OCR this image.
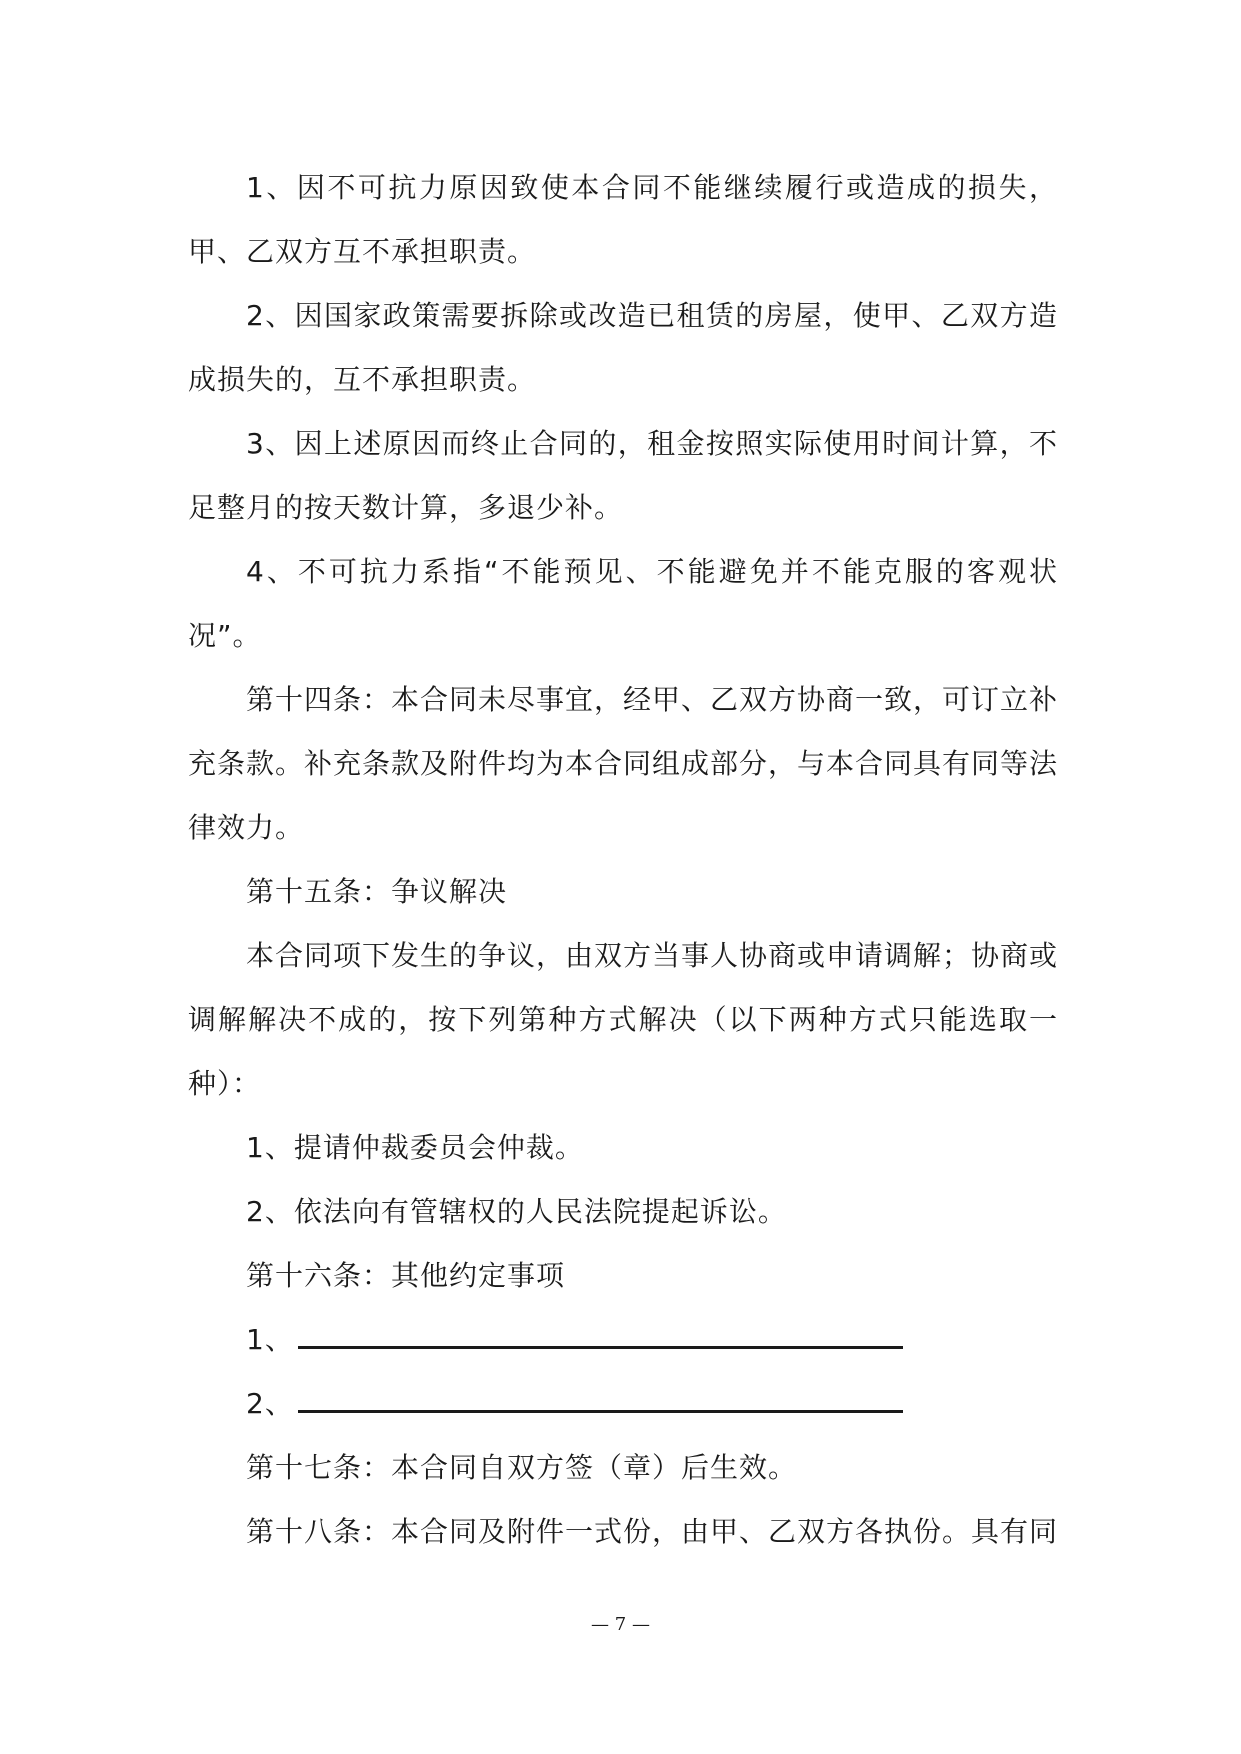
1、因不可抗力原因致使本合同不能继续履行或造成的损失，甲、乙双方互不承担职责。

2、因国家政策需要拆除或改造已租赁的房屋，使甲、乙双方造成损失的，互不承担职责。

3、因上述原因而终止合同的，租金按照实际使用时间计算，不足整月的按天数计算，多退少补。

4、不可抗力系指“不能预见、不能避免并不能克服的客观状况”。

第十四条：本合同未尽事宜，经甲、乙双方协商一致，可订立补充条款。补充条款及附件均为本合同组成部分，与本合同具有同等法律效力。

第十五条：争议解决

本合同项下发生的争议，由双方当事人协商或申请调解；协商或调解解决不成的，按下列第种方式解决（以下两种方式只能选取一种）：

1、提请仲裁委员会仲裁。

2、依法向有管辖权的人民法院提起诉讼。

第十六条：其他约定事项

1、

2、

第十七条：本合同自双方签（章）后生效。

第十八条：本合同及附件一式份，由甲、乙双方各执份。具有同

— 7 —
